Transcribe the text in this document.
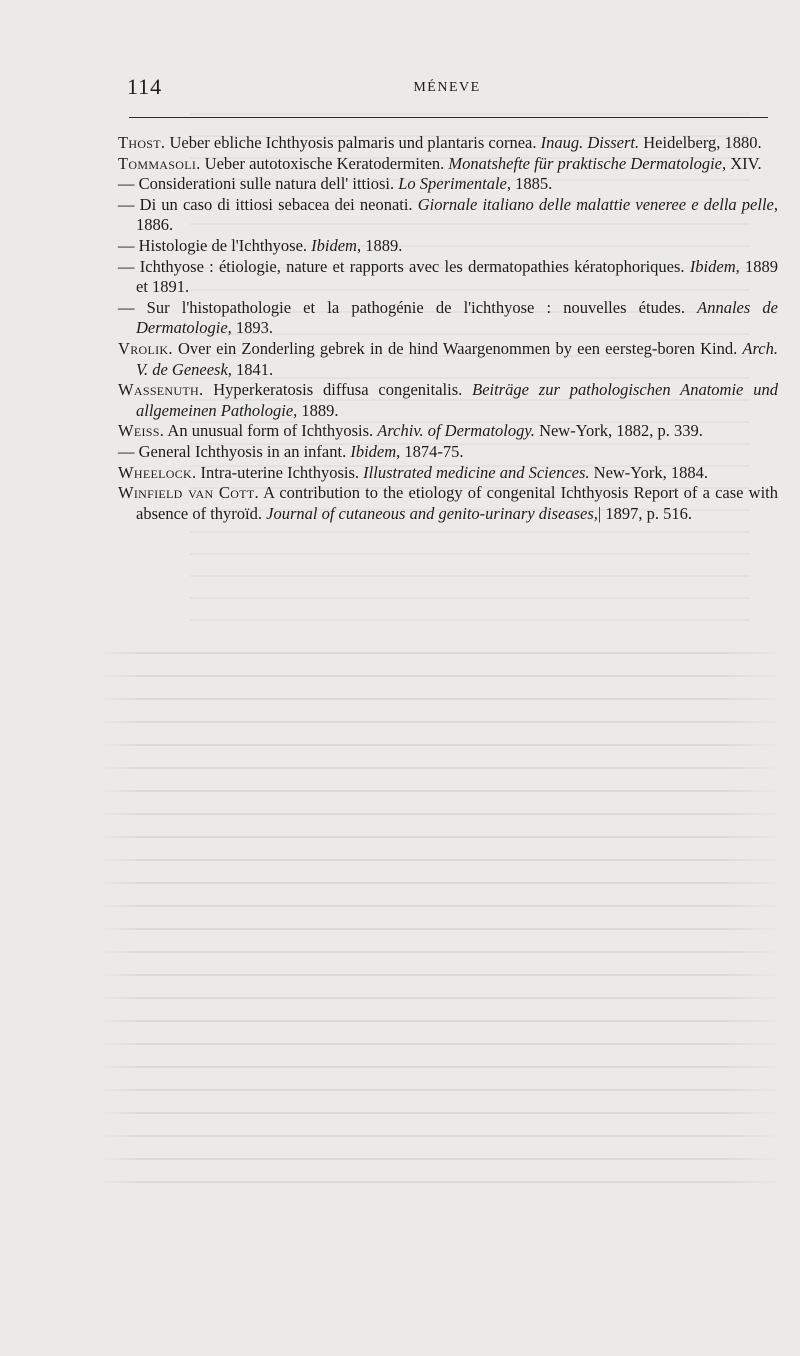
114	MÉNEVE

Thost. Ueber ebliche Ichthyosis palmaris und plantaris cornea. Inaug. Dissert. Heidelberg, 1880.

Tommasoli. Ueber autotoxische Keratodermiten. Monatshefte für praktische Dermatologie, XIV.

— Considerationi sulle natura dell' ittiosi. Lo Sperimentale, 1885.

— Di un caso di ittiosi sebacea dei neonati. Giornale italiano delle malattie veneree e della pelle, 1886.

— Histologie de l'Ichthyose. Ibidem, 1889.

— Ichthyose : étiologie, nature et rapports avec les dermatopathies kératophoriques. Ibidem, 1889 et 1891.

— Sur l'histopathologie et la pathogénie de l'ichthyose : nouvelles études. Annales de Dermatologie, 1893.

Vrolik. Over ein Zonderling gebrek in de hind Waargenommen by een eersteg-boren Kind. Arch. V. de Geneesk, 1841.

Wassenuth. Hyperkeratosis diffusa congenitalis. Beiträge zur pathologischen Anatomie und allgemeinen Pathologie, 1889.

Weiss. An unusual form of Ichthyosis. Archiv. of Dermatology. New-York, 1882, p. 339.

— General Ichthyosis in an infant. Ibidem, 1874-75.

Wheelock. Intra-uterine Ichthyosis. Illustrated medicine and Sciences. New-York, 1884.

Winfield van Cott. A contribution to the etiology of congenital Ichthyosis Report of a case with absence of thyroïd. Journal of cutaneous and genito-urinary diseases,| 1897, p. 516.
